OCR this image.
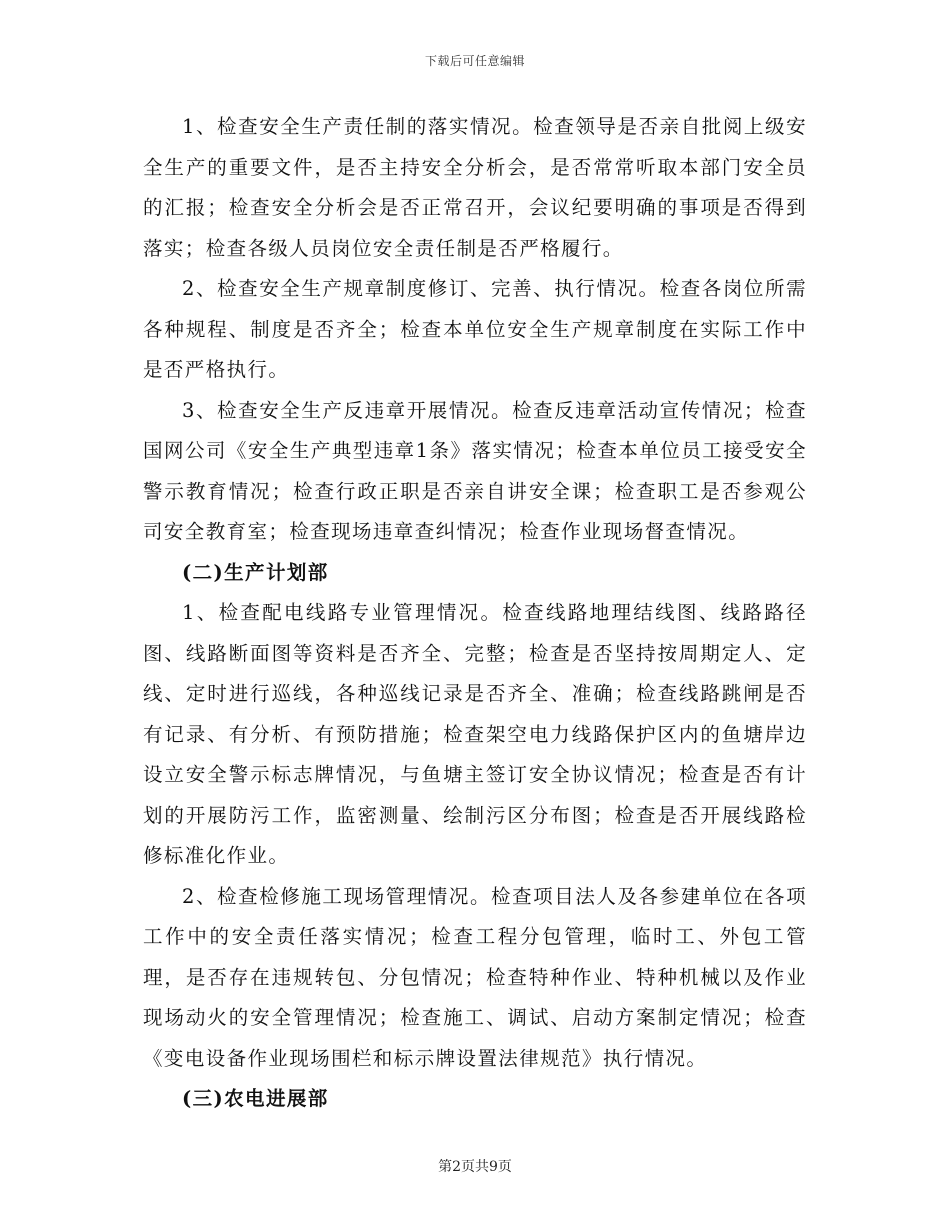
下载后可任意编辑

1、检查安全生产责任制的落实情况。检查领导是否亲自批阅上级安全生产的重要文件，是否主持安全分析会，是否常常听取本部门安全员的汇报；检查安全分析会是否正常召开，会议纪要明确的事项是否得到落实；检查各级人员岗位安全责任制是否严格履行。

2、检查安全生产规章制度修订、完善、执行情况。检查各岗位所需各种规程、制度是否齐全；检查本单位安全生产规章制度在实际工作中是否严格执行。

3、检查安全生产反违章开展情况。检查反违章活动宣传情况；检查国网公司《安全生产典型违章1条》落实情况；检查本单位员工接受安全警示教育情况；检查行政正职是否亲自讲安全课；检查职工是否参观公司安全教育室；检查现场违章查纠情况；检查作业现场督查情况。

(二)生产计划部

1、检查配电线路专业管理情况。检查线路地理结线图、线路路径图、线路断面图等资料是否齐全、完整；检查是否坚持按周期定人、定线、定时进行巡线，各种巡线记录是否齐全、准确；检查线路跳闸是否有记录、有分析、有预防措施；检查架空电力线路保护区内的鱼塘岸边设立安全警示标志牌情况，与鱼塘主签订安全协议情况；检查是否有计划的开展防污工作，监密测量、绘制污区分布图；检查是否开展线路检修标准化作业。

2、检查检修施工现场管理情况。检查项目法人及各参建单位在各项工作中的安全责任落实情况；检查工程分包管理，临时工、外包工管理，是否存在违规转包、分包情况；检查特种作业、特种机械以及作业现场动火的安全管理情况；检查施工、调试、启动方案制定情况；检查《变电设备作业现场围栏和标示牌设置法律规范》执行情况。

(三)农电进展部

第2页共9页
